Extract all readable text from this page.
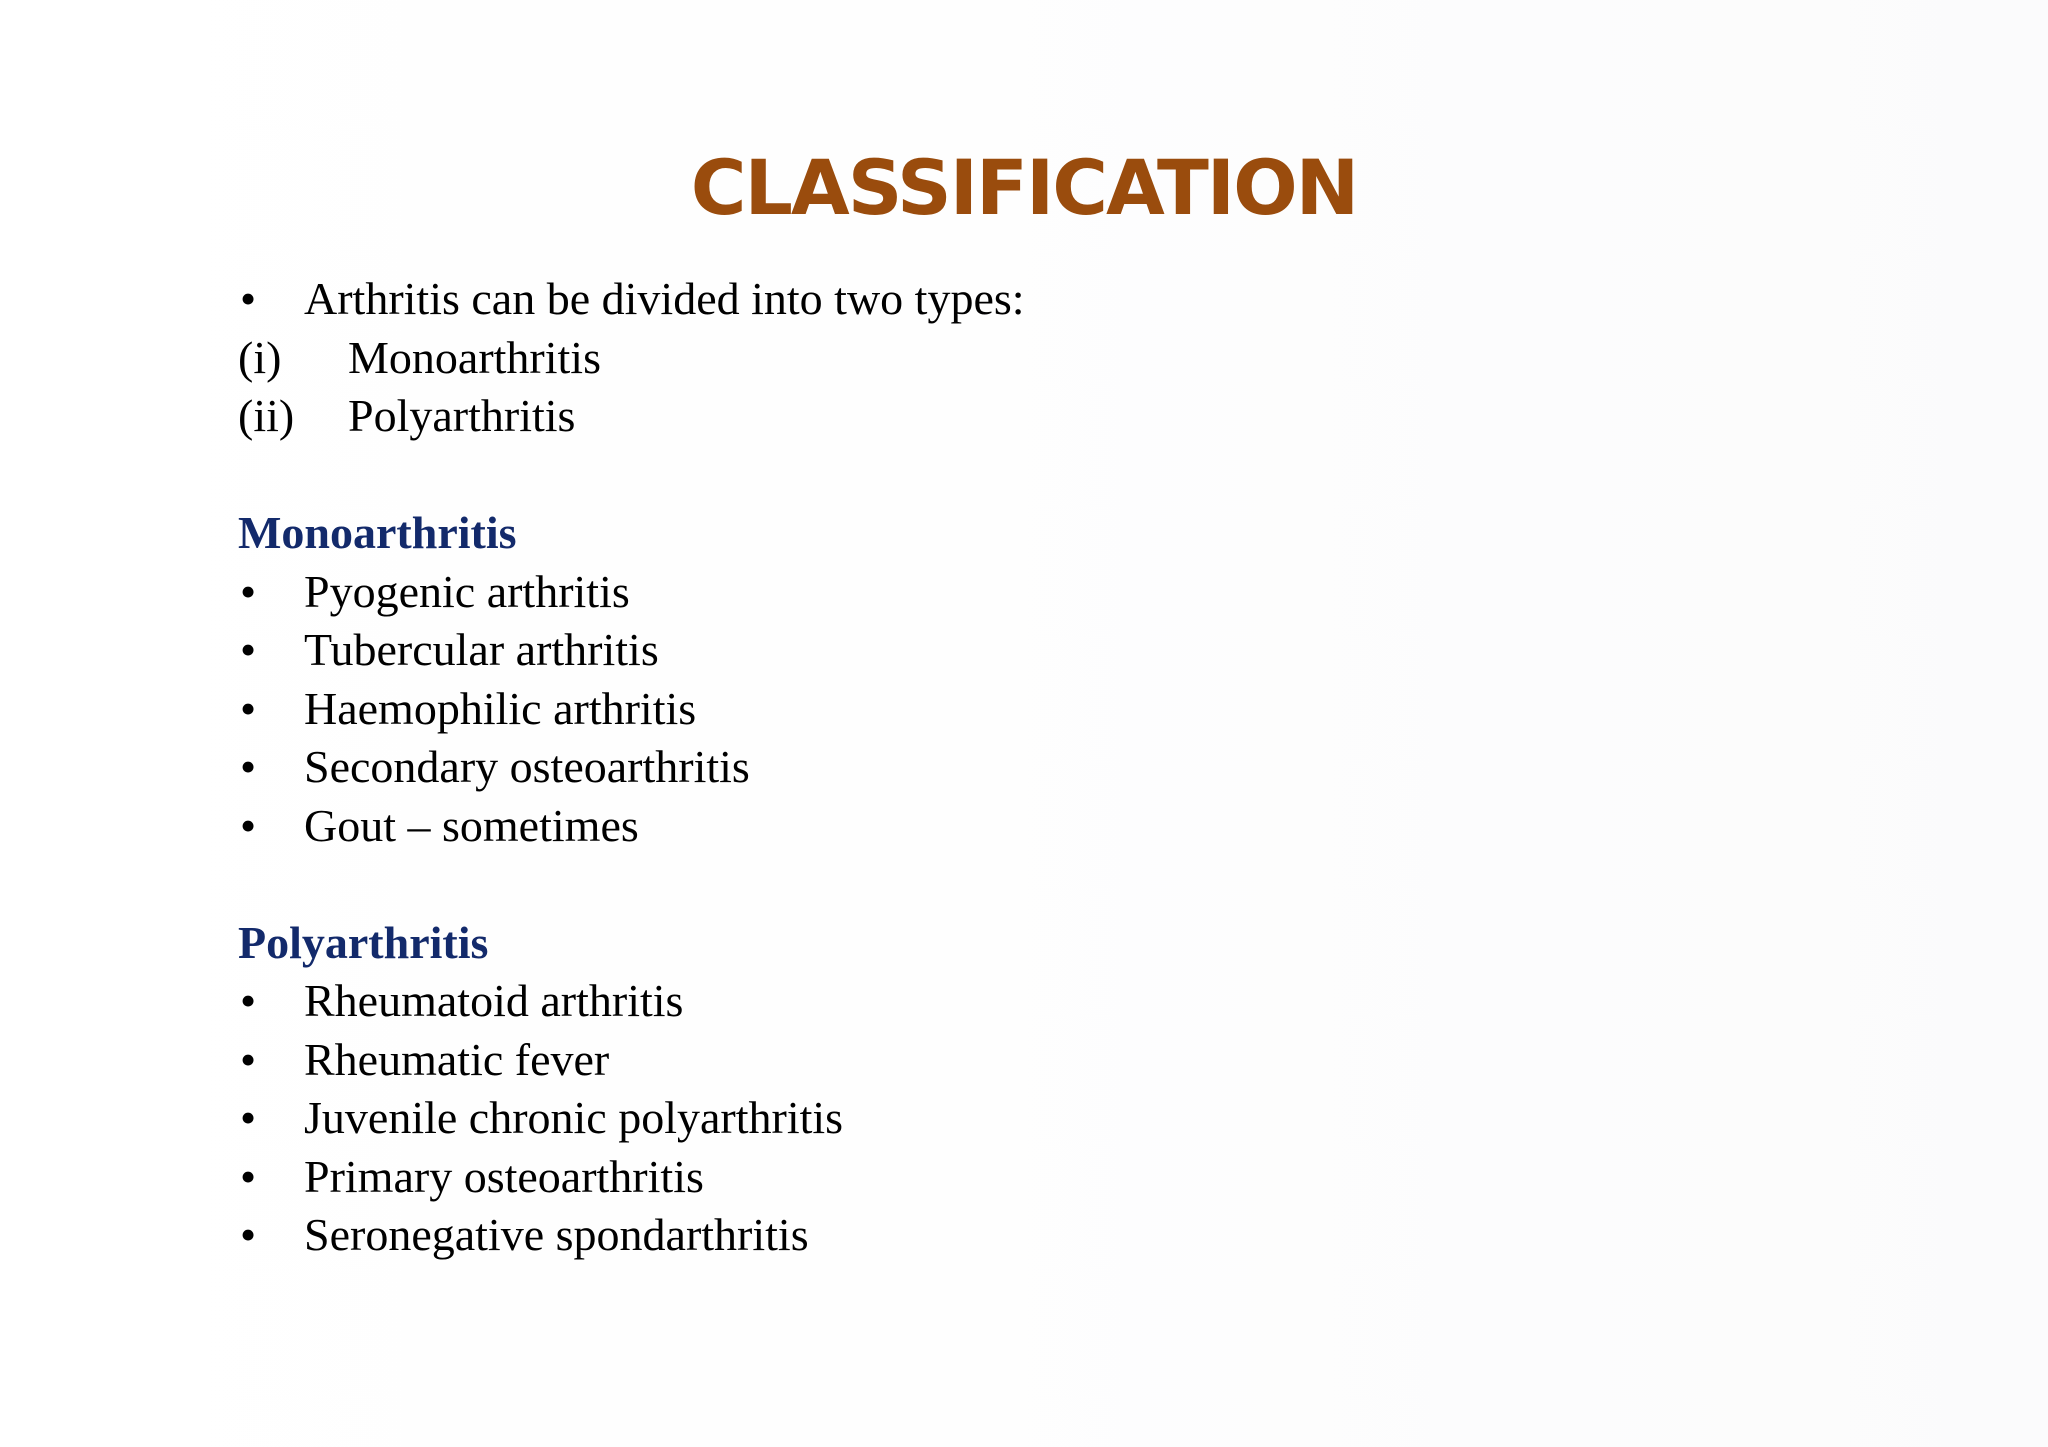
CLASSIFICATION
• Arthritis can be divided into two types:
(i) Monoarthritis
(ii) Polyarthritis
Monoarthritis
• Pyogenic arthritis
• Tubercular arthritis
• Haemophilic arthritis
• Secondary osteoarthritis
• Gout – sometimes
Polyarthritis
• Rheumatoid arthritis
• Rheumatic fever
• Juvenile chronic polyarthritis
• Primary osteoarthritis
• Seronegative spondarthritis
